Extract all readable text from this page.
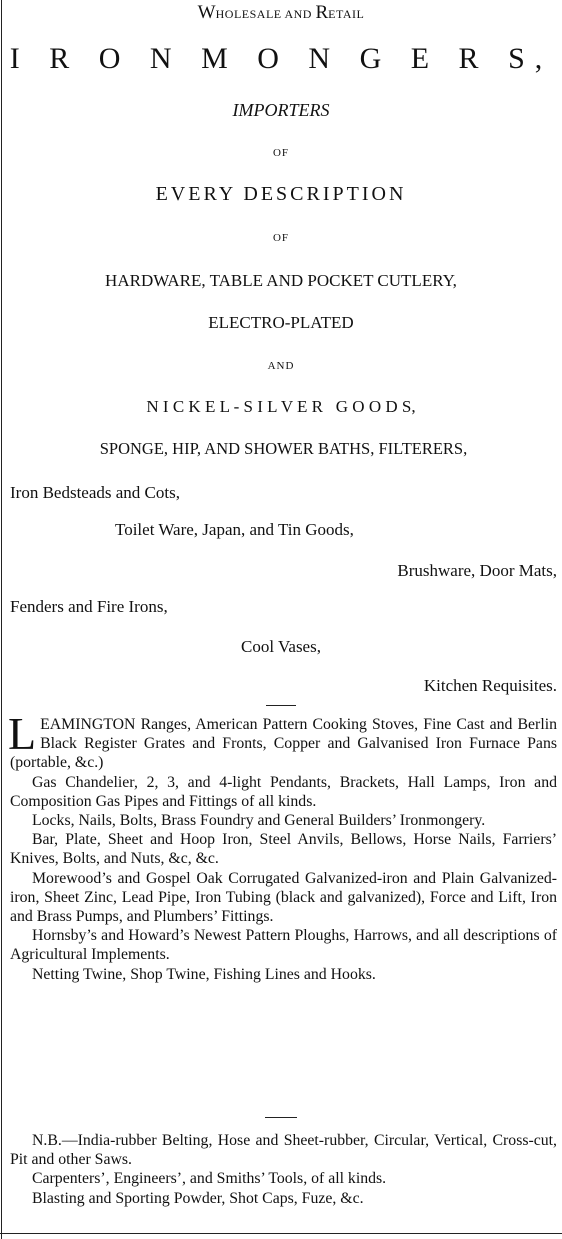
WHOLESALE AND RETAIL
I R O N M O N G E R S,
IMPORTERS
OF
EVERY DESCRIPTION
OF
HARDWARE, TABLE AND POCKET CUTLERY,
ELECTRO-PLATED
AND
N I C K E L - S I L V E R   G O O D S,
SPONGE, HIP, AND SHOWER BATHS, FILTERERS,
Iron Bedsteads and Cots,
Toilet Ware, Japan, and Tin Goods,
Brushware, Door Mats,
Fenders and Fire Irons,
Cool Vases,
Kitchen Requisites.

LEAMINGTON Ranges, American Pattern Cooking Stoves, Fine Cast and Berlin Black Register Grates and Fronts, Copper and Galvanised Iron Furnace Pans (portable, &c.)

Gas Chandelier, 2, 3, and 4-light Pendants, Brackets, Hall Lamps, Iron and Composition Gas Pipes and Fittings of all kinds.

Locks, Nails, Bolts, Brass Foundry and General Builders’ Ironmongery.

Bar, Plate, Sheet and Hoop Iron, Steel Anvils, Bellows, Horse Nails, Farriers’ Knives, Bolts, and Nuts, &c, &c.

Morewood’s and Gospel Oak Corrugated Galvanized-iron and Plain Galvanized-iron, Sheet Zinc, Lead Pipe, Iron Tubing (black and galvanized), Force and Lift, Iron and Brass Pumps, and Plumbers’ Fittings.

Hornsby’s and Howard’s Newest Pattern Ploughs, Harrows, and all descriptions of Agricultural Implements.

Netting Twine, Shop Twine, Fishing Lines and Hooks.

N.B.—India-rubber Belting, Hose and Sheet-rubber, Circular, Vertical, Cross-cut, Pit and other Saws.

Carpenters’, Engineers’, and Smiths’ Tools, of all kinds.

Blasting and Sporting Powder, Shot Caps, Fuze, &c.
